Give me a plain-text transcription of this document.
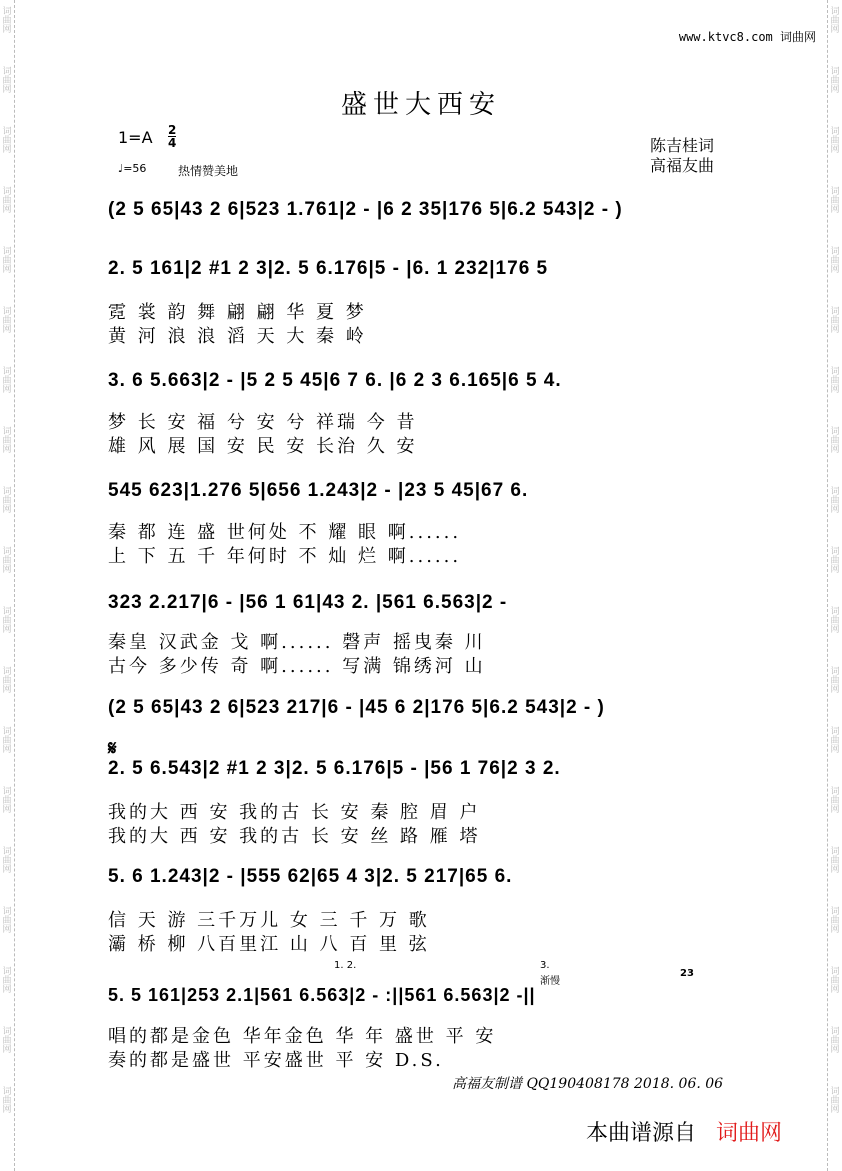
词
曲
网
词
曲
网
词
曲
网
词
曲
网
词
曲
网
词
曲
网
词
曲
网
词
曲
网
词
曲
网
词
曲
网
词
曲
网
词
曲
网
词
曲
网
词
曲
网
词
曲
网
词
曲
网
词
曲
网
词
曲
网
词
曲
网
词
曲
网
词
曲
网
词
曲
网
词
曲
网
词
曲
网
词
曲
网
词
曲
网
词
曲
网
词
曲
网
词
曲
网
词
曲
网
词
曲
网
词
曲
网
词
曲
网
词
曲
网
词
曲
网
词
曲
网
词
曲
网
词
曲
网
www.ktvc8.com 词曲网
盛世大西安
$1=A \frac{2}{4}$
♩=56	热情赞美地
陈吉桂词
高福友曲
(2 5 65|43 2 6|523 1.761|2 - |6 2 35|176 5|6.2 543|2 - )
2. 5 161|2 #1 2 3|2. 5 6.176|5 - |6. 1 232|176 5
霓 裳 韵 舞 翩 翩 华 夏 梦
黄 河 浪 浪 滔 天 大 秦 岭
3. 6 5.663|2 - |5 2 5 45|6 7 6. |6 2 3 6.165|6 5 4.
梦 长 安 福 兮 安 兮 祥瑞 今 昔
雄 风 展 国 安 民 安 长治 久 安
545 623|1.276 5|656 1.243|2 - |23 5 45|67 6.
秦 都 连 盛 世何处 不 耀 眼 啊......
上 下 五 千 年何时 不 灿 烂 啊......
323 2.217|6 - |56 1 61|43 2. |561 6.563|2 -
秦皇 汉武金 戈 啊...... 磬声 摇曳秦 川
古今 多少传 奇 啊...... 写满 锦绣河 山
(2 5 65|43 2 6|523 217|6 - |45 6 2|176 5|6.2 543|2 - )
𝄋
2. 5 6.543|2 #1 2 3|2. 5 6.176|5 - |56 1 76|2 3 2.
我的大 西 安 我的古 长 安 秦 腔 眉 户
我的大 西 安 我的古 长 安 丝 路 雁 塔
5. 6 1.243|2 - |555 62|65 4 3|2. 5 217|65 6.
信 天 游 三千万儿 女 三 千 万 歌
灞 桥 柳 八百里江 山 八 百 里 弦
1. 2.	3.
渐慢
23
5. 5 161|253 2.1|561 6.563|2 - :||561 6.563|2 -||
唱的都是金色 华年金色 华 年 盛世 平 安
奏的都是盛世 平安盛世 平 安 D.S.
高福友制谱 QQ190408178 2018. 06. 06
本曲谱源自 词曲网
